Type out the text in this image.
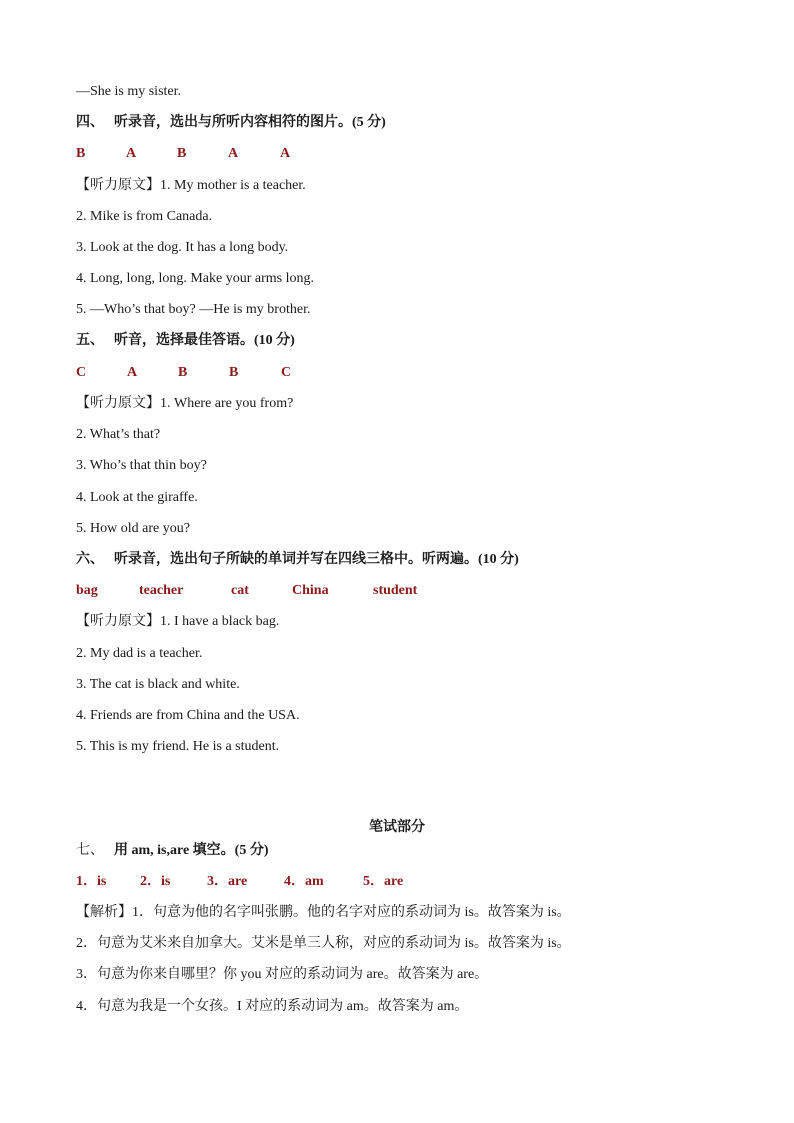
—She is my sister.
四、 听录音，选出与所听内容相符的图片。(5 分)
B	A	B	A	A
【听力原文】1. My mother is a teacher.
2. Mike is from Canada.
3. Look at the dog. It has a long body.
4. Long, long, long. Make your arms long.
5. —Who’s that boy? —He is my brother.
五、 听音，选择最佳答语。(10 分)
C	A	B	B	C
【听力原文】1. Where are you from?
2. What’s that?
3. Who’s that thin boy?
4. Look at the giraffe.
5. How old are you?
六、 听录音，选出句子所缺的单词并写在四线三格中。听两遍。(10 分)
bag	teacher	cat	China	student
【听力原文】1. I have a black bag.
2. My dad is a teacher.
3. The cat is black and white.
4. Friends are from China and the USA.
5. This is my friend. He is a student.
笔试部分
七、 用 am, is,are 填空。(5 分)
1．is 2．is	3．are	4．am	5．are
【解析】1．句意为他的名字叫张鹏。他的名字对应的系动词为 is。故答案为 is。
2．句意为艾米来自加拿大。艾米是单三人称，对应的系动词为 is。故答案为 is。
3．句意为你来自哪里？你 you 对应的系动词为 are。故答案为 are。
4．句意为我是一个女孩。I 对应的系动词为 am。故答案为 am。
